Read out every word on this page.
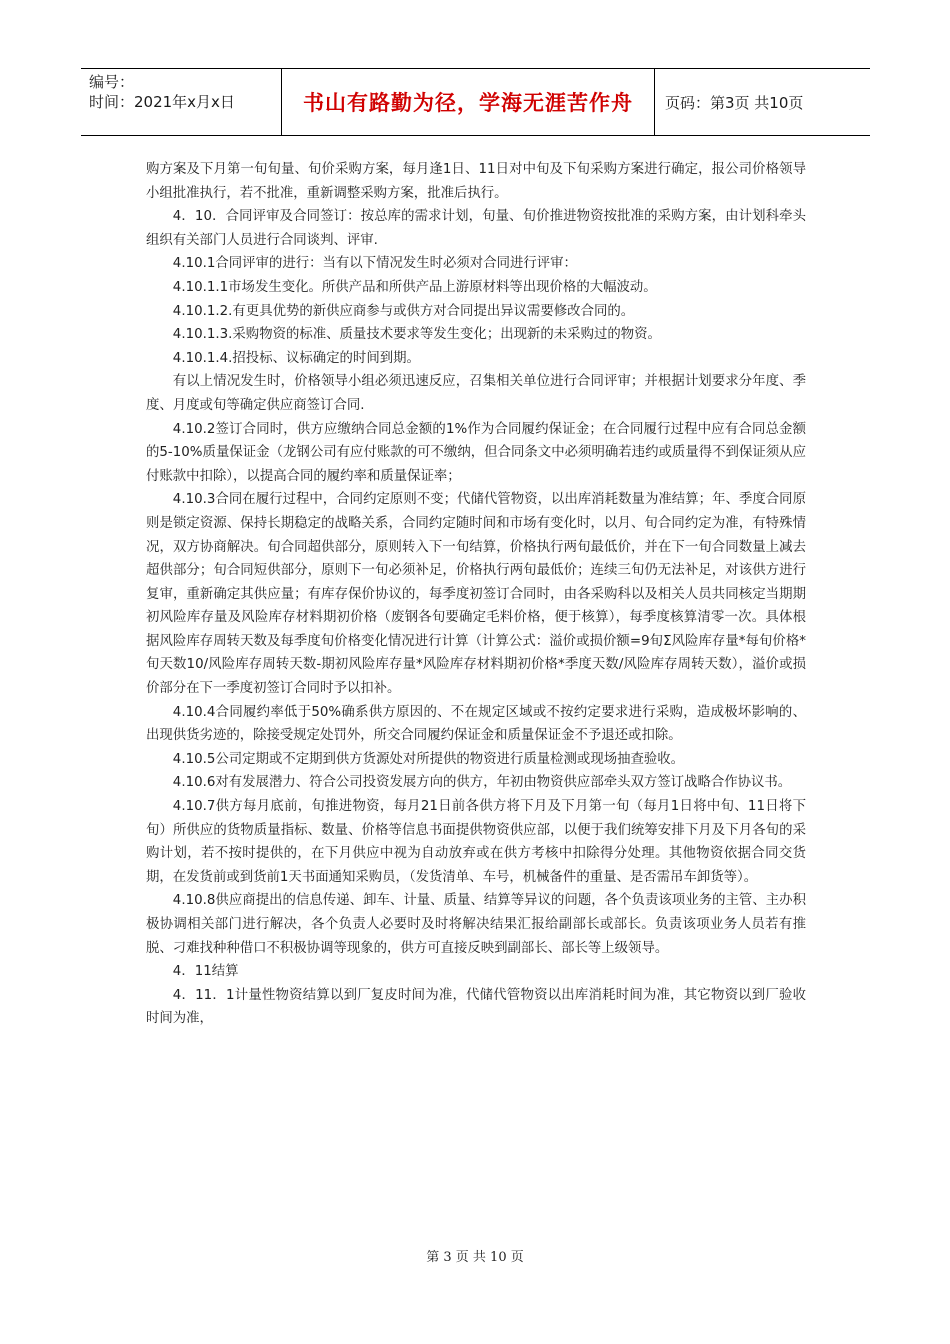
编号：
时间：2021年x月x日	书山有路勤为径，学海无涯苦作舟	页码：第3页 共10页

购方案及下月第一旬旬量、旬价采购方案，每月逢1日、11日对中旬及下旬采购方案进行确定，报公司价格领导小组批准执行，若不批准，重新调整采购方案，批准后执行。

4．10．合同评审及合同签订：按总库的需求计划，旬量、旬价推进物资按批准的采购方案，由计划科牵头组织有关部门人员进行合同谈判、评审.

4.10.1合同评审的进行：当有以下情况发生时必须对合同进行评审：

4.10.1.1市场发生变化。所供产品和所供产品上游原材料等出现价格的大幅波动。

4.10.1.2.有更具优势的新供应商参与或供方对合同提出异议需要修改合同的。

4.10.1.3.采购物资的标准、质量技术要求等发生变化；出现新的未采购过的物资。

4.10.1.4.招投标、议标确定的时间到期。

有以上情况发生时，价格领导小组必须迅速反应，召集相关单位进行合同评审；并根据计划要求分年度、季度、月度或旬等确定供应商签订合同.

4.10.2签订合同时，供方应缴纳合同总金额的1%作为合同履约保证金；在合同履行过程中应有合同总金额的5-10%质量保证金（龙钢公司有应付账款的可不缴纳，但合同条文中必须明确若违约或质量得不到保证须从应付账款中扣除），以提高合同的履约率和质量保证率；

4.10.3合同在履行过程中，合同约定原则不变；代储代管物资，以出库消耗数量为准结算；年、季度合同原则是锁定资源、保持长期稳定的战略关系，合同约定随时间和市场有变化时，以月、旬合同约定为准，有特殊情况，双方协商解决。旬合同超供部分，原则转入下一旬结算，价格执行两旬最低价，并在下一旬合同数量上减去超供部分；旬合同短供部分，原则下一旬必须补足，价格执行两旬最低价；连续三旬仍无法补足，对该供方进行复审，重新确定其供应量；有库存保价协议的，每季度初签订合同时，由各采购科以及相关人员共同核定当期期初风险库存量及风险库存材料期初价格（废钢各旬要确定毛料价格，便于核算），每季度核算清零一次。具体根据风险库存周转天数及每季度旬价格变化情况进行计算（计算公式：溢价或损价额=9旬Σ风险库存量*每旬价格*旬天数10/风险库存周转天数-期初风险库存量*风险库存材料期初价格*季度天数/风险库存周转天数），溢价或损价部分在下一季度初签订合同时予以扣补。

4.10.4合同履约率低于50%确系供方原因的、不在规定区域或不按约定要求进行采购，造成极坏影响的、出现供货劣迹的，除接受规定处罚外，所交合同履约保证金和质量保证金不予退还或扣除。

4.10.5公司定期或不定期到供方货源处对所提供的物资进行质量检测或现场抽查验收。

4.10.6对有发展潜力、符合公司投资发展方向的供方，年初由物资供应部牵头双方签订战略合作协议书。

4.10.7供方每月底前，旬推进物资，每月21日前各供方将下月及下月第一旬（每月1日将中旬、11日将下旬）所供应的货物质量指标、数量、价格等信息书面提供物资供应部，以便于我们统筹安排下月及下月各旬的采购计划，若不按时提供的，在下月供应中视为自动放弃或在供方考核中扣除得分处理。其他物资依据合同交货期，在发货前或到货前1天书面通知采购员，（发货清单、车号，机械备件的重量、是否需吊车卸货等）。

4.10.8供应商提出的信息传递、卸车、计量、质量、结算等异议的问题，各个负责该项业务的主管、主办积极协调相关部门进行解决，各个负责人必要时及时将解决结果汇报给副部长或部长。负责该项业务人员若有推脱、刁难找种种借口不积极协调等现象的，供方可直接反映到副部长、部长等上级领导。

4．11结算

4．11．1计量性物资结算以到厂复皮时间为准，代储代管物资以出库消耗时间为准，其它物资以到厂验收时间为准，

第 3 页 共 10 页
